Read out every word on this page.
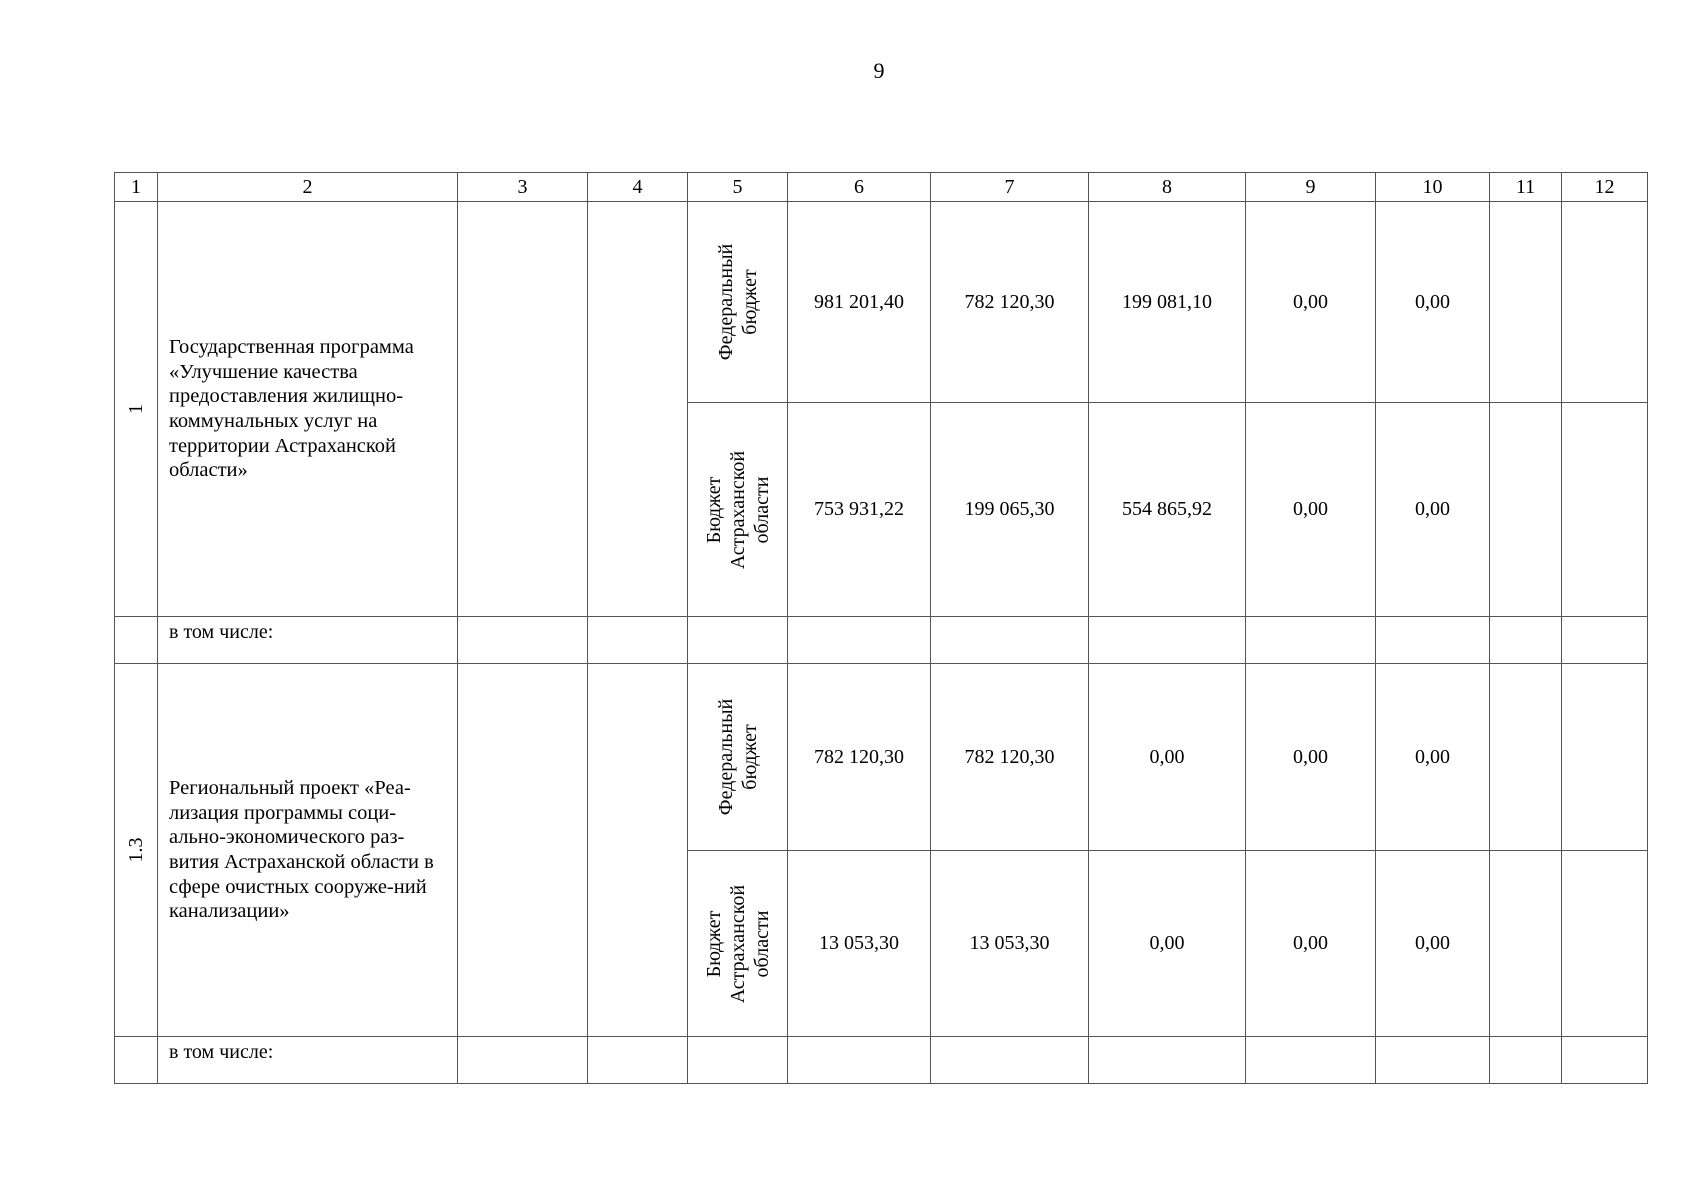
9
1	2	3	4	5	6	7	8	9	10	11	12

1	Государственная программа «Улучшение качества предоставления жилищно-коммунальных услуг на территории Астраханской области»			Федеральный бюджет	981 201,40	782 120,30	199 081,10	0,00	0,00		

				Бюджет Астраханской области	753 931,22	199 065,30	554 865,92	0,00	0,00		
	в том числе:										

1.3	Региональный проект «Реа-лизация программы соци-ально-экономического раз-вития Астраханской области в сфере очистных сооруже-ний канализации»			Федеральный бюджет	782 120,30	782 120,30	0,00	0,00	0,00		

				Бюджет Астраханской области	13 053,30	13 053,30	0,00	0,00	0,00		
	в том числе:										
